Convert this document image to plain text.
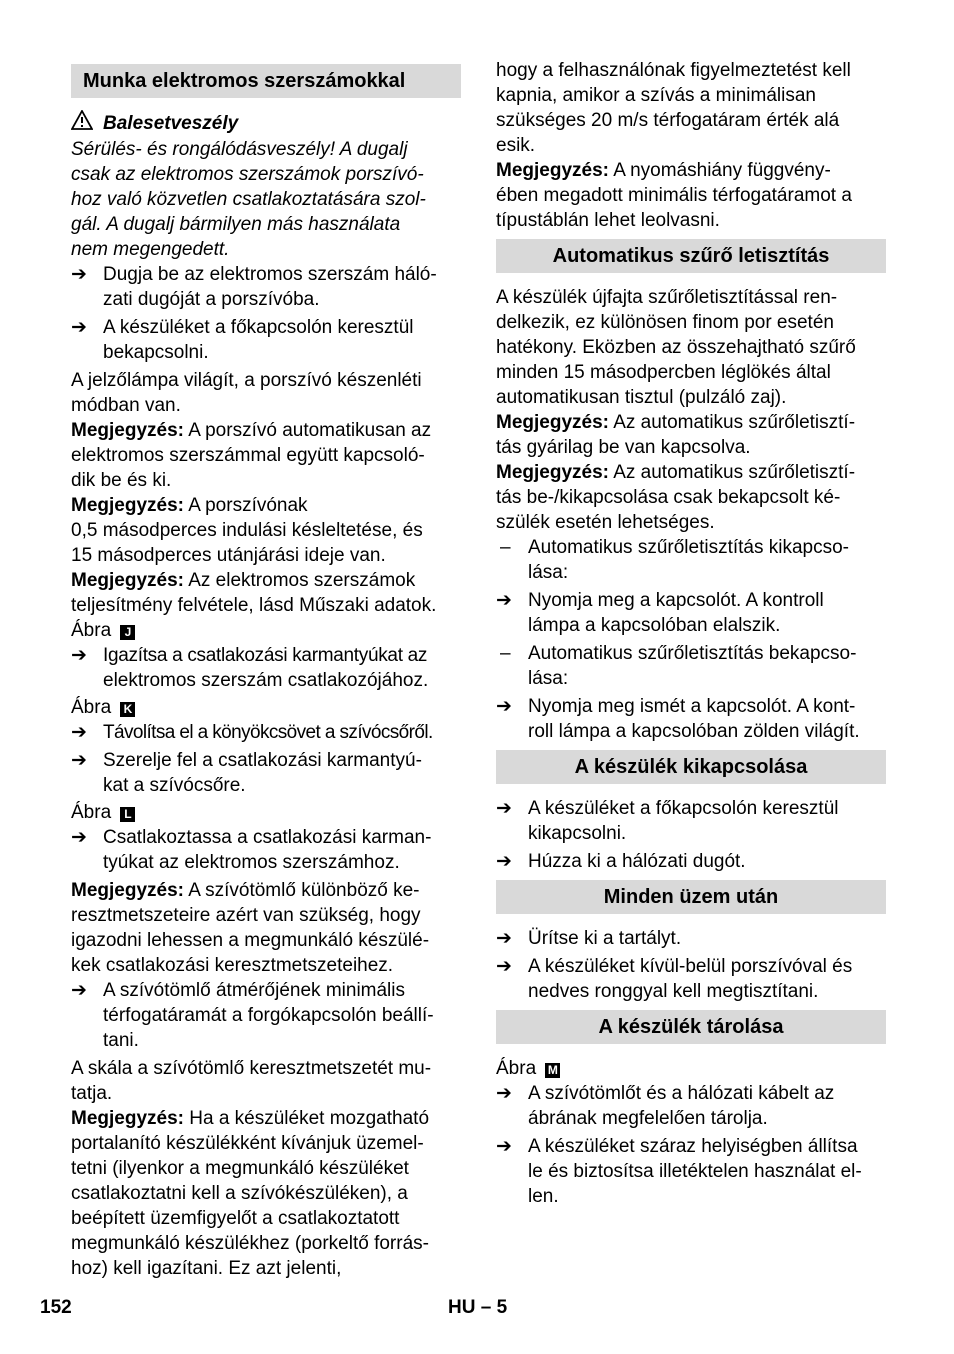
Munka elektromos szerszámokkal
Balesetveszély
Sérülés- és rongálódásveszély! A dugalj
csak az elektromos szerszámok porszívó-
hoz való közvetlen csatlakoztatására szol-
gál. A dugalj bármilyen más használata
nem megengedett.
➔ Dugja be az elektromos szerszám háló-
zati dugóját a porszívóba.
➔ A készüléket a főkapcsolón keresztül
bekapcsolni.
A jelzőlámpa világít, a porszívó készenléti
módban van.
Megjegyzés: A porszívó automatikusan az
elektromos szerszámmal együtt kapcsoló-
dik be és ki.
Megjegyzés: A porszívónak
0,5 másodperces indulási késleltetése, és
15 másodperces utánjárási ideje van.
Megjegyzés: Az elektromos szerszámok
teljesítmény felvétele, lásd Műszaki adatok.
Ábra J
➔ Igazítsa a csatlakozási karmantyúkat az
elektromos szerszám csatlakozójához.
Ábra K
➔ Távolítsa el a könyökcsövet a szívócsőről.
➔ Szerelje fel a csatlakozási karmantyú-
kat a szívócsőre.
Ábra L
➔ Csatlakoztassa a csatlakozási karman-
tyúkat az elektromos szerszámhoz.
Megjegyzés: A szívótömlő különböző ke-
resztmetszeteire azért van szükség, hogy
igazodni lehessen a megmunkáló készülé-
kek csatlakozási keresztmetszeteihez.
➔ A szívótömlő átmérőjének minimális
térfogatáramát a forgókapcsolón beállí-
tani.
A skála a szívótömlő keresztmetszetét mu-
tatja.
Megjegyzés: Ha a készüléket mozgatható
portalanító készülékként kívánjuk üzemel-
tetni (ilyenkor a megmunkáló készüléket
csatlakoztatni kell a szívókészüléken), a
beépített üzemfigyelőt a csatlakoztatott
megmunkáló készülékhez (porkeltő forrás-
hoz) kell igazítani. Ez azt jelenti,
hogy a felhasználónak figyelmeztetést kell
kapnia, amikor a szívás a minimálisan
szükséges 20 m/s térfogatáram érték alá
esik.
Megjegyzés: A nyomáshiány függvény-
ében megadott minimális térfogatáramot a
típustáblán lehet leolvasni.
Automatikus szűrő letisztítás
A készülék újfajta szűrőletisztítással ren-
delkezik, ez különösen finom por esetén
hatékony. Eközben az összehajtható szűrő
minden 15 másodpercben léglökés által
automatikusan tisztul (pulzáló zaj).
Megjegyzés: Az automatikus szűrőletisztí-
tás gyárilag be van kapcsolva.
Megjegyzés: Az automatikus szűrőletisztí-
tás be-/kikapcsolása csak bekapcsolt ké-
szülék esetén lehetséges.
– Automatikus szűrőletisztítás kikapcso-
lása:
➔ Nyomja meg a kapcsolót. A kontroll
lámpa a kapcsolóban elalszik.
– Automatikus szűrőletisztítás bekapcso-
lása:
➔ Nyomja meg ismét a kapcsolót. A kont-
roll lámpa a kapcsolóban zölden világít.
A készülék kikapcsolása
➔ A készüléket a főkapcsolón keresztül
kikapcsolni.
➔ Húzza ki a hálózati dugót.
Minden üzem után
➔ Ürítse ki a tartályt.
➔ A készüléket kívül-belül porszívóval és
nedves ronggyal kell megtisztítani.
A készülék tárolása
Ábra M
➔ A szívótömlőt és a hálózati kábelt az
ábrának megfelelően tárolja.
➔ A készüléket száraz helyiségben állítsa
le és biztosítsa illetéktelen használat el-
len.
152	HU – 5
